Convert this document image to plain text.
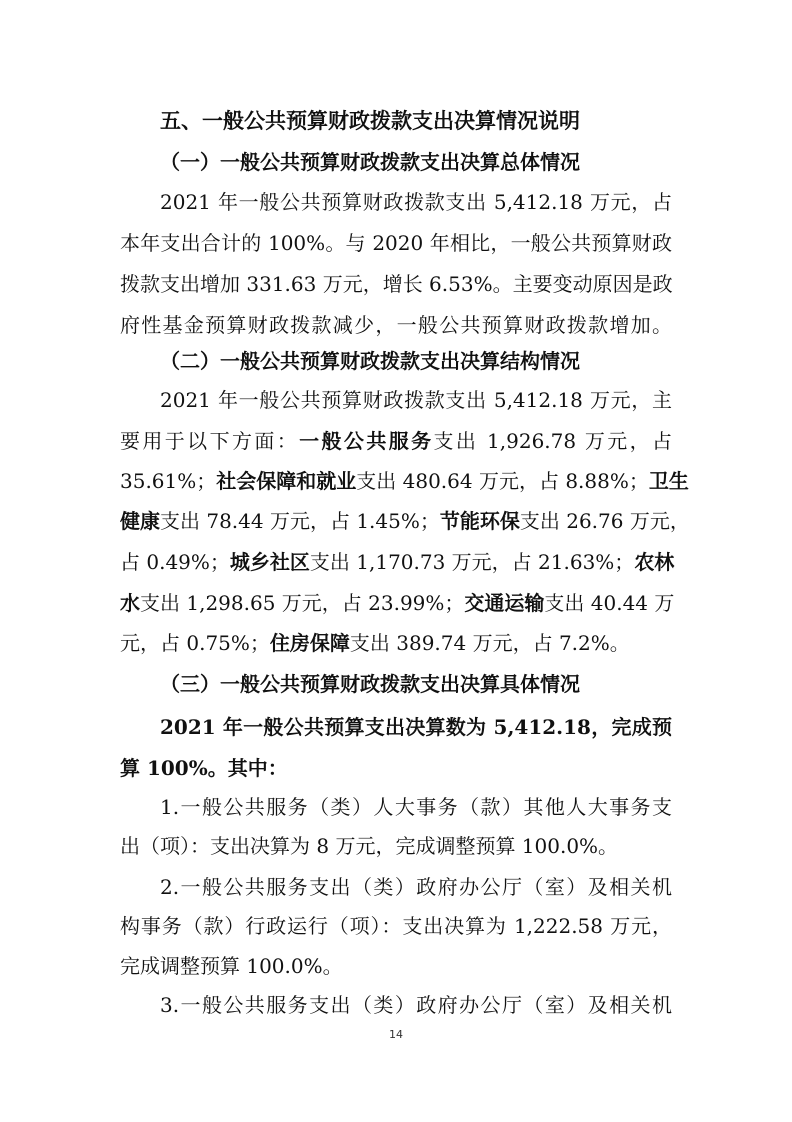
五、一般公共预算财政拨款支出决算情况说明
（一）一般公共预算财政拨款支出决算总体情况
2021 年一般公共预算财政拨款支出 5,412.18 万元，占
本年支出合计的 100%。与 2020 年相比，一般公共预算财政
拨款支出增加 331.63 万元，增长 6.53%。主要变动原因是政
府性基金预算财政拨款减少，一般公共预算财政拨款增加。
（二）一般公共预算财政拨款支出决算结构情况
2021 年一般公共预算财政拨款支出 5,412.18 万元，主
要用于以下方面：一般公共服务支出 1,926.78 万元，占
35.61%；社会保障和就业支出 480.64 万元，占 8.88%；卫生
健康支出 78.44 万元，占 1.45%；节能环保支出 26.76 万元，
占 0.49%；城乡社区支出 1,170.73 万元，占 21.63%；农林
水支出 1,298.65 万元，占 23.99%；交通运输支出 40.44 万
元，占 0.75%；住房保障支出 389.74 万元，占 7.2%。
（三）一般公共预算财政拨款支出决算具体情况
2021 年一般公共预算支出决算数为 5,412.18，完成预
算 100%。其中：
1.一般公共服务（类）人大事务（款）其他人大事务支
出（项）：支出决算为 8 万元，完成调整预算 100.0%。
2.一般公共服务支出（类）政府办公厅（室）及相关机
构事务（款）行政运行（项）：支出决算为 1,222.58 万元，
完成调整预算 100.0%。
3.一般公共服务支出（类）政府办公厅（室）及相关机
14
